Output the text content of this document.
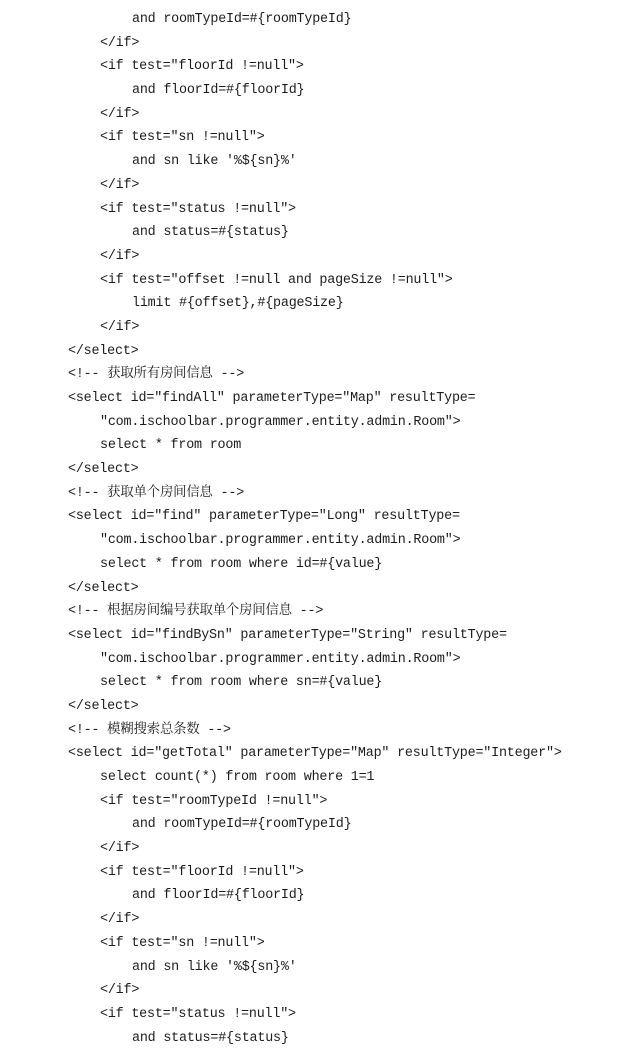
and roomTypeId=#{roomTypeId}
</if>
<if test="floorId !=null">
and floorId=#{floorId}
</if>
<if test="sn !=null">
and sn like '%${sn}%'
</if>
<if test="status !=null">
and status=#{status}
</if>
<if test="offset !=null and pageSize !=null">
limit #{offset},#{pageSize}
</if>
</select>
<!-- 获取所有房间信息 -->
<select id="findAll" parameterType="Map" resultType=
"com.ischoolbar.programmer.entity.admin.Room">
select * from room
</select>
<!-- 获取单个房间信息 -->
<select id="find" parameterType="Long" resultType=
"com.ischoolbar.programmer.entity.admin.Room">
select * from room where id=#{value}
</select>
<!-- 根据房间编号获取单个房间信息 -->
<select id="findBySn" parameterType="String" resultType=
"com.ischoolbar.programmer.entity.admin.Room">
select * from room where sn=#{value}
</select>
<!-- 模糊搜索总条数 -->
<select id="getTotal" parameterType="Map" resultType="Integer">
select count(*) from room where 1=1
<if test="roomTypeId !=null">
and roomTypeId=#{roomTypeId}
</if>
<if test="floorId !=null">
and floorId=#{floorId}
</if>
<if test="sn !=null">
and sn like '%${sn}%'
</if>
<if test="status !=null">
and status=#{status}
